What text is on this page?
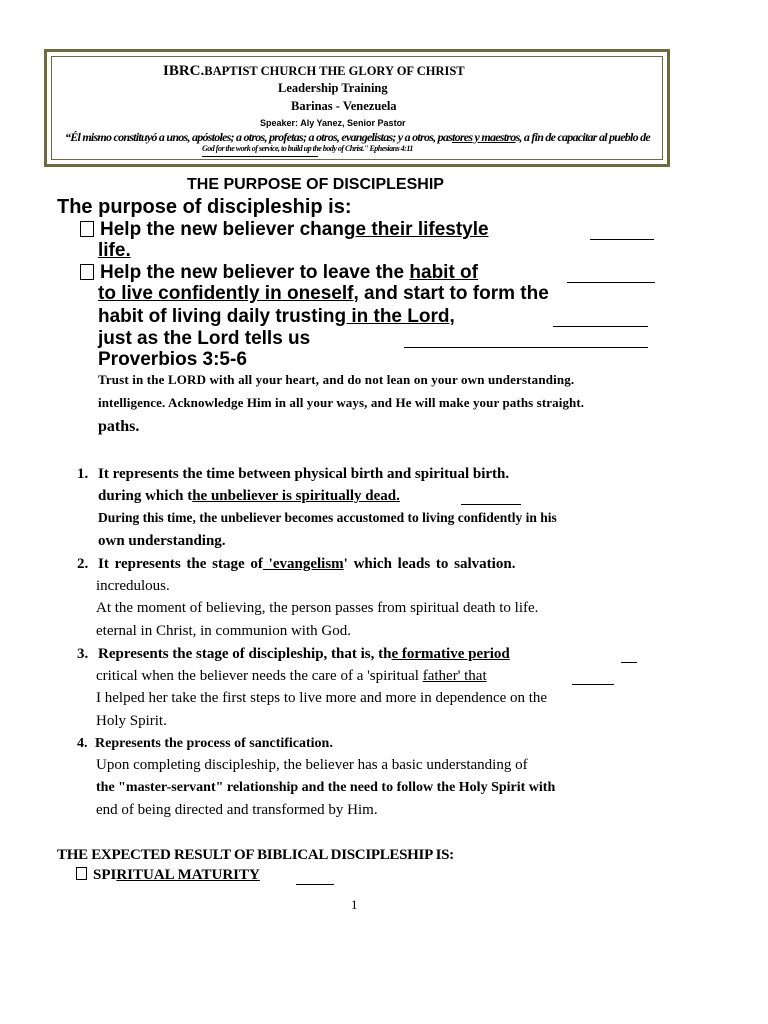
IBRC.BAPTIST CHURCH THE GLORY OF CHRIST
Leadership Training
Barinas - Venezuela
Speaker: Aly Yanez, Senior Pastor
“Él mismo constituyó a unos, apóstoles; a otros, profetas; a otros, evangelistas; y a otros, pastores y maestros, a fin de capacitar al pueblo de
God for the work of service, to build up the body of Christ." Ephesians 4:11
THE PURPOSE OF DISCIPLESHIP
The purpose of discipleship is:
Help the new believer change their lifestyle
life.
Help the new believer to leave the habit of
to live confidently in oneself, and start to form the
habit of living daily trusting in the Lord,
just as the Lord tells us
Proverbios 3:5-6
Trust in the LORD with all your heart, and do not lean on your own understanding.
intelligence. Acknowledge Him in all your ways, and He will make your paths straight.
paths.
1. It represents the time between physical birth and spiritual birth.
during which the unbeliever is spiritually dead.
During this time, the unbeliever becomes accustomed to living confidently in his
own understanding.
2. It represents the stage of 'evangelism' which leads to salvation.
incredulous.
At the moment of believing, the person passes from spiritual death to life.
eternal in Christ, in communion with God.
3. Represents the stage of discipleship, that is, the formative period
critical when the believer needs the care of a 'spiritual father' that
I helped her take the first steps to live more and more in dependence on the
Holy Spirit.
4. Represents the process of sanctification.
Upon completing discipleship, the believer has a basic understanding of
the "master-servant" relationship and the need to follow the Holy Spirit with
end of being directed and transformed by Him.
THE EXPECTED RESULT OF BIBLICAL DISCIPLESHIP IS:
SPIRITUAL MATURITY
1
